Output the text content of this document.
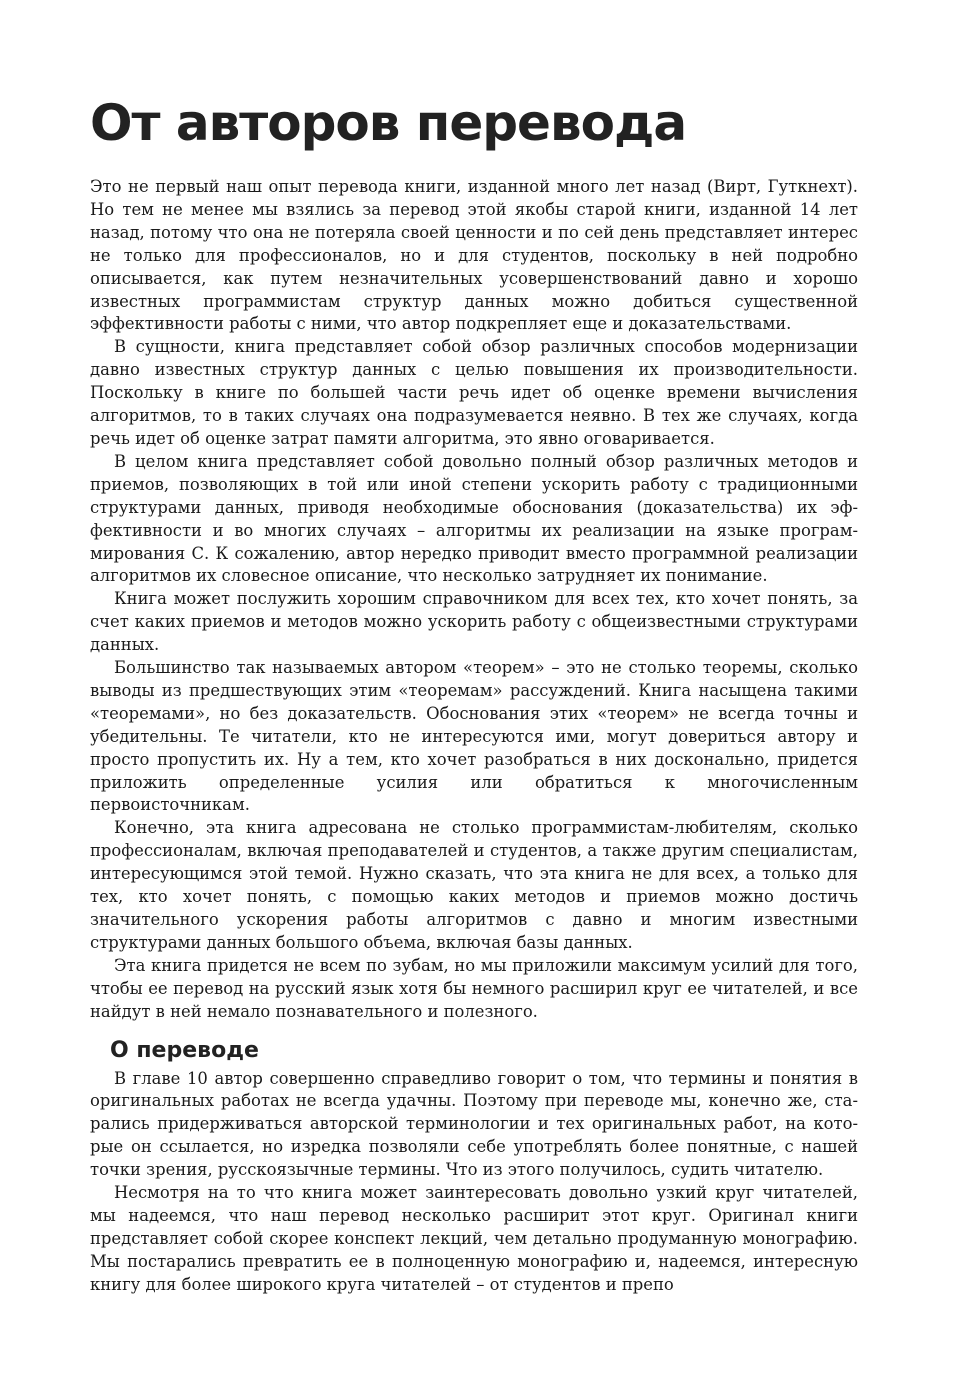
От авторов перевода

Это не первый наш опыт перевода книги, изданной много лет назад (Вирт, Гуткнехт). Но тем не менее мы взялись за перевод этой якобы старой книги, изданной 14 лет назад, потому что она не потеряла своей ценности и по сей день представляет интерес не только для профессионалов, но и для студентов, поскольку в ней подробно описывается, как путем незначительных усовершенствований давно и хорошо известных программистам структур данных можно добиться существенной эффективности работы с ними, что автор подкрепляет еще и доказательствами.

В сущности, книга представляет собой обзор различных способов модернизации давно известных структур данных с целью повышения их производительности. Поскольку в книге по большей части речь идет об оценке времени вычисления алгоритмов, то в таких случаях она подразумевается неявно. В тех же случаях, когда речь идет об оценке затрат памяти алгоритма, это явно оговаривается.

В целом книга представляет собой довольно полный обзор различных методов и приемов, позволяющих в той или иной степени ускорить работу с традиционными структурами данных, приводя необходимые обоснования (доказательства) их эффективности и во многих случаях – алгоритмы их реализации на языке программирования С. К сожалению, автор нередко приводит вместо программной реализации алгоритмов их словесное описание, что несколько затрудняет их понимание.

Книга может послужить хорошим справочником для всех тех, кто хочет понять, за счет каких приемов и методов можно ускорить работу с общеизвестными структурами данных.

Большинство так называемых автором «теорем» – это не столько теоремы, сколько выводы из предшествующих этим «теоремам» рассуждений. Книга насыщена такими «теоремами», но без доказательств. Обоснования этих «теорем» не всегда точны и убедительны. Те читатели, кто не интересуются ими, могут довериться автору и просто пропустить их. Ну а тем, кто хочет разобраться в них досконально, придется приложить определенные усилия или обратиться к многочисленным первоисточникам.

Конечно, эта книга адресована не столько программистам-любителям, сколько профессионалам, включая преподавателей и студентов, а также другим специалистам, интересующимся этой темой. Нужно сказать, что эта книга не для всех, а только для тех, кто хочет понять, с помощью каких методов и приемов можно достичь значительного ускорения работы алгоритмов с давно и многим известными структурами данных большого объема, включая базы данных.

Эта книга придется не всем по зубам, но мы приложили максимум усилий для того, чтобы ее перевод на русский язык хотя бы немного расширил круг ее читателей, и все найдут в ней немало познавательного и полезного.

О переводе

В главе 10 автор совершенно справедливо говорит о том, что термины и понятия в оригинальных работах не всегда удачны. Поэтому при переводе мы, конечно же, старались придерживаться авторской терминологии и тех оригинальных работ, на которые он ссылается, но изредка позволяли себе употреблять более понятные, с нашей точки зрения, русскоязычные термины. Что из этого получилось, судить читателю.

Несмотря на то что книга может заинтересовать довольно узкий круг читателей, мы надеемся, что наш перевод несколько расширит этот круг. Оригинал книги представляет собой скорее конспект лекций, чем детально продуманную монографию. Мы постарались превратить ее в полноценную монографию и, надеемся, интересную книгу для более широкого круга читателей – от студентов и препо
